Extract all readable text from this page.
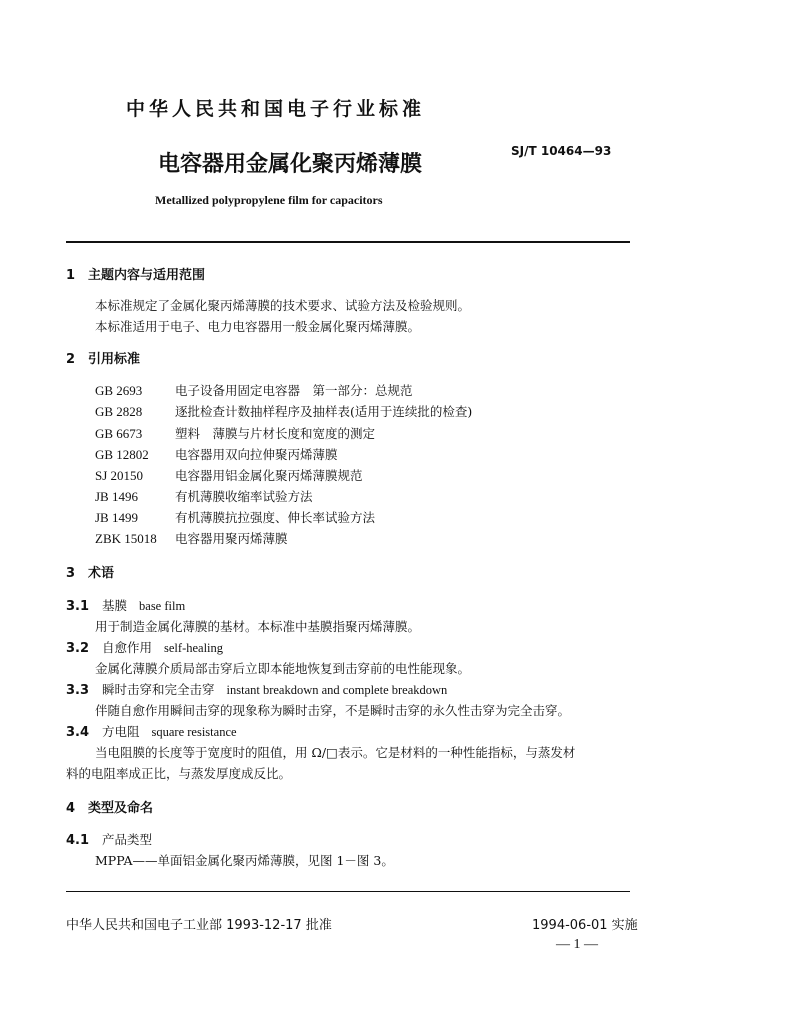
中华人民共和国电子行业标准
电容器用金属化聚丙烯薄膜
SJ/T 10464—93
Metallized polypropylene film for capacitors
1 主题内容与适用范围
本标准规定了金属化聚丙烯薄膜的技术要求、试验方法及检验规则。
本标准适用于电子、电力电容器用一般金属化聚丙烯薄膜。
2 引用标准
GB 2693	电子设备用固定电容器　第一部分：总规范
GB 2828	逐批检查计数抽样程序及抽样表(适用于连续批的检查)
GB 6673	塑料　薄膜与片材长度和宽度的测定
GB 12802 电容器用双向拉伸聚丙烯薄膜
SJ 20150	电容器用铝金属化聚丙烯薄膜规范
JB 1496	有机薄膜收缩率试验方法
JB 1499	有机薄膜抗拉强度、伸长率试验方法
ZBK 15018 电容器用聚丙烯薄膜
3 术语
3.1 基膜 base film
用于制造金属化薄膜的基材。本标准中基膜指聚丙烯薄膜。
3.2 自愈作用 self-healing
金属化薄膜介质局部击穿后立即本能地恢复到击穿前的电性能现象。
3.3 瞬时击穿和完全击穿 instant breakdown and complete breakdown
伴随自愈作用瞬间击穿的现象称为瞬时击穿，不是瞬时击穿的永久性击穿为完全击穿。
3.4 方电阻 square resistance
当电阻膜的长度等于宽度时的阻值，用 Ω/□表示。它是材料的一种性能指标，与蒸发材
料的电阻率成正比，与蒸发厚度成反比。
4 类型及命名
4.1 产品类型
MPPA——单面铝金属化聚丙烯薄膜，见图 1－图 3。
中华人民共和国电子工业部 1993-12-17 批准	1994-06-01 实施
— 1 —
